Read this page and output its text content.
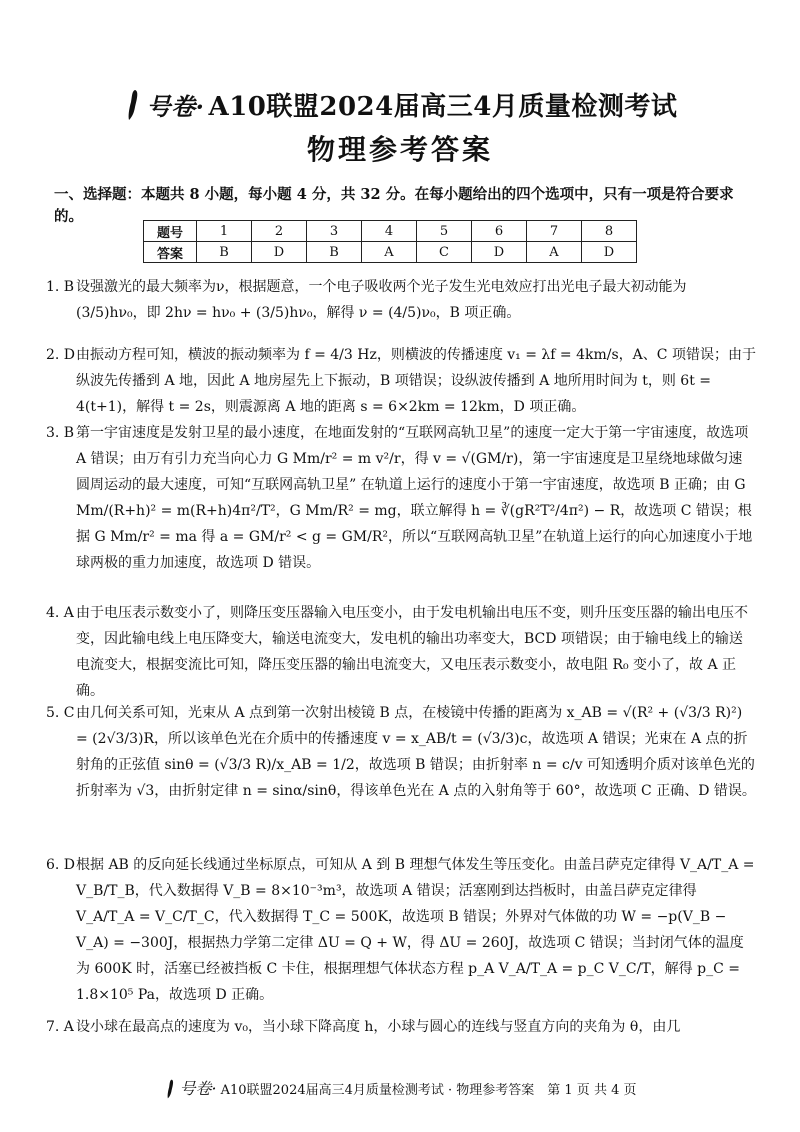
号卷· A10联盟2024届高三4月质量检测考试
物理参考答案
一、选择题：本题共 8 小题，每小题 4 分，共 32 分。在每小题给出的四个选项中，只有一项是符合要求的。
题号	1	2	3	4	5	6	7	8
答案	B	D	B	A	C	D	A	D
1. B 设强激光的最大频率为ν，根据题意，一个电子吸收两个光子发生光电效应打出光电子最大初动能为(3/5)hν₀，即 2hν = hν₀ + (3/5)hν₀，解得 ν = (4/5)ν₀，B 项正确。
2. D 由振动方程可知，横波的振动频率为 f = 4/3 Hz，则横波的传播速度 v₁ = λf = 4km/s，A、C 项错误；由于纵波先传播到 A 地，因此 A 地房屋先上下振动，B 项错误；设纵波传播到 A 地所用时间为 t，则 6t = 4(t+1)，解得 t = 2s，则震源离 A 地的距离 s = 6×2km = 12km，D 项正确。
3. B 第一宇宙速度是发射卫星的最小速度，在地面发射的“互联网高轨卫星”的速度一定大于第一宇宙速度，故选项 A 错误；由万有引力充当向心力 G Mm/r² = m v²/r，得 v = √(GM/r)，第一宇宙速度是卫星绕地球做匀速圆周运动的最大速度，可知“互联网高轨卫星” 在轨道上运行的速度小于第一宇宙速度，故选项 B 正确；由 G Mm/(R+h)² = m(R+h)4π²/T²，G Mm/R² = mg，联立解得 h = ∛(gR²T²/4π²) − R，故选项 C 错误；根据 G Mm/r² = ma 得 a = GM/r² < g = GM/R²，所以“互联网高轨卫星”在轨道上运行的向心加速度小于地球两极的重力加速度，故选项 D 错误。
4. A 由于电压表示数变小了，则降压变压器输入电压变小，由于发电机输出电压不变，则升压变压器的输出电压不变，因此输电线上电压降变大，输送电流变大，发电机的输出功率变大，BCD 项错误；由于输电线上的输送电流变大，根据变流比可知，降压变压器的输出电流变大，又电压表示数变小，故电阻 R₀ 变小了，故 A 正确。
5. C 由几何关系可知，光束从 A 点到第一次射出棱镜 B 点，在棱镜中传播的距离为 x_AB = √(R² + (√3/3 R)²) = (2√3/3)R，所以该单色光在介质中的传播速度 v = x_AB/t = (√3/3)c，故选项 A 错误；光束在 A 点的折射角的正弦值 sinθ = (√3/3 R)/x_AB = 1/2，故选项 B 错误；由折射率 n = c/v 可知透明介质对该单色光的折射率为 √3，由折射定律 n = sinα/sinθ，得该单色光在 A 点的入射角等于 60°，故选项 C 正确、D 错误。
6. D 根据 AB 的反向延长线通过坐标原点，可知从 A 到 B 理想气体发生等压变化。由盖吕萨克定律得 V_A/T_A = V_B/T_B，代入数据得 V_B = 8×10⁻³m³，故选项 A 错误；活塞刚到达挡板时，由盖吕萨克定律得 V_A/T_A = V_C/T_C，代入数据得 T_C = 500K，故选项 B 错误；外界对气体做的功 W = −p(V_B − V_A) = −300J，根据热力学第二定律 ΔU = Q + W，得 ΔU = 260J，故选项 C 错误；当封闭气体的温度为 600K 时，活塞已经被挡板 C 卡住，根据理想气体状态方程 p_A V_A/T_A = p_C V_C/T，解得 p_C = 1.8×10⁵ Pa，故选项 D 正确。
7. A 设小球在最高点的速度为 v₀，当小球下降高度 h，小球与圆心的连线与竖直方向的夹角为 θ，由几
号卷· A10联盟2024届高三4月质量检测考试 · 物理参考答案　第 1 页 共 4 页
